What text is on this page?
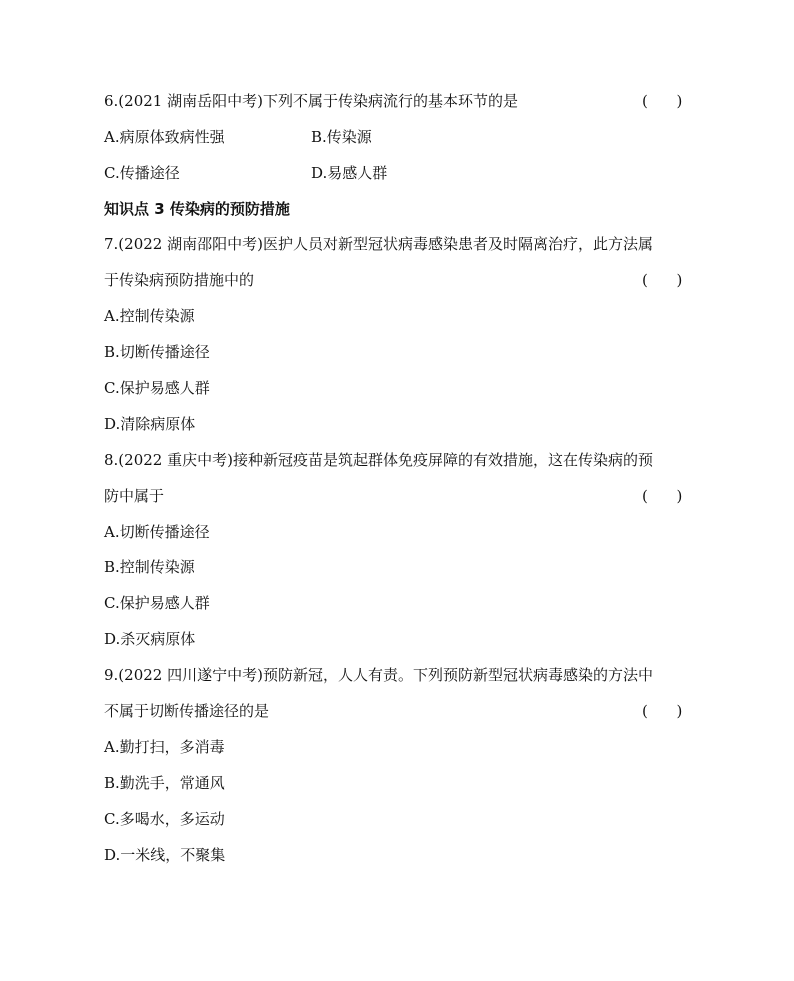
6.(2021 湖南岳阳中考)下列不属于传染病流行的基本环节的是	(      )
A.病原体致病性强	B.传染源
C.传播途径	D.易感人群
知识点 3 传染病的预防措施
7.(2022 湖南邵阳中考)医护人员对新型冠状病毒感染患者及时隔离治疗，此方法属
于传染病预防措施中的	(      )
A.控制传染源
B.切断传播途径
C.保护易感人群
D.清除病原体
8.(2022 重庆中考)接种新冠疫苗是筑起群体免疫屏障的有效措施，这在传染病的预
防中属于	(      )
A.切断传播途径
B.控制传染源
C.保护易感人群
D.杀灭病原体
9.(2022 四川遂宁中考)预防新冠，人人有责。下列预防新型冠状病毒感染的方法中
不属于切断传播途径的是	(      )
A.勤打扫，多消毒
B.勤洗手，常通风
C.多喝水，多运动
D.一米线，不聚集
